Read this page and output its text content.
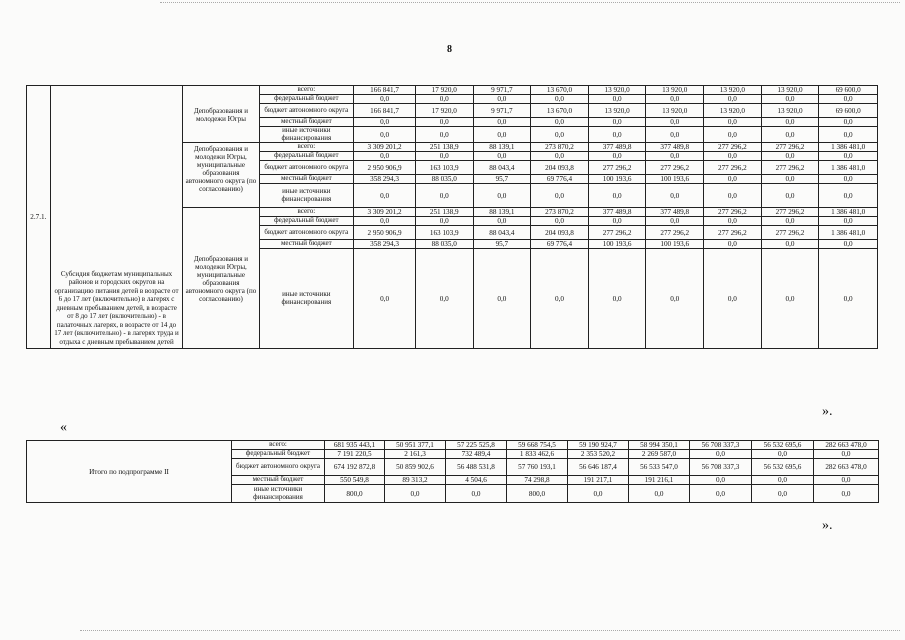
8
2.7.1.	Субсидия бюджетам муниципальных районов и городских округов на организацию питания детей в возрасте от 6 до 17 лет (включительно) в лагерях с дневным пребыванием детей, в возрасте от 8 до 17 лет (включительно) - в палаточных лагерях, в возрасте от 14 до 17 лет (включительно) - в лагерях труда и отдыха с дневным пребыванием детей	Депобразования и молодежи Югры	всего:	166 841,7	17 920,0	9 971,7	13 670,0	13 920,0	13 920,0	13 920,0	13 920,0	69 600,0
			федеральный бюджет	0,0	0,0	0,0	0,0	0,0	0,0	0,0	0,0	0,0
			бюджет автономного округа	166 841,7	17 920,0	9 971,7	13 670,0	13 920,0	13 920,0	13 920,0	13 920,0	69 600,0
			местный бюджет	0,0	0,0	0,0	0,0	0,0	0,0	0,0	0,0	0,0
			иные источники финансирования	0,0	0,0	0,0	0,0	0,0	0,0	0,0	0,0	0,0
		Депобразования и молодежи Югры, муниципальные образования автономного округа (по согласованию)	всего:	3 309 201,2	251 138,9	88 139,1	273 870,2	377 489,8	377 489,8	277 296,2	277 296,2	1 386 481,0
			федеральный бюджет	0,0	0,0	0,0	0,0	0,0	0,0	0,0	0,0	0,0
			бюджет автономного округа	2 950 906,9	163 103,9	88 043,4	204 093,8	277 296,2	277 296,2	277 296,2	277 296,2	1 386 481,0
			местный бюджет	358 294,3	88 035,0	95,7	69 776,4	100 193,6	100 193,6	0,0	0,0	0,0
			иные источники финансирования	0,0	0,0	0,0	0,0	0,0	0,0	0,0	0,0	0,0
		Депобразования и молодежи Югры, муниципальные образования автономного округа (по согласованию)	всего:	3 309 201,2	251 138,9	88 139,1	273 870,2	377 489,8	377 489,8	277 296,2	277 296,2	1 386 481,0
			федеральный бюджет	0,0	0,0	0,0	0,0	0,0	0,0	0,0	0,0	0,0
			бюджет автономного округа	2 950 906,9	163 103,9	88 043,4	204 093,8	277 296,2	277 296,2	277 296,2	277 296,2	1 386 481,0
			местный бюджет	358 294,3	88 035,0	95,7	69 776,4	100 193,6	100 193,6	0,0	0,0	0,0
			иные источники финансирования	0,0	0,0	0,0	0,0	0,0	0,0	0,0	0,0	0,0
».
«
Итого по подпрограмме II	всего:	681 935 443,1	50 951 377,1	57 225 525,8	59 668 754,5	59 190 924,7	58 994 350,1	56 708 337,3	56 532 695,6	282 663 478,0
	федеральный бюджет	7 191 220,5	2 161,3	732 489,4	1 833 462,6	2 353 520,2	2 269 587,0	0,0	0,0	0,0
	бюджет автономного округа	674 192 872,8	50 859 902,6	56 488 531,8	57 760 193,1	56 646 187,4	56 533 547,0	56 708 337,3	56 532 695,6	282 663 478,0
	местный бюджет	550 549,8	89 313,2	4 504,6	74 298,8	191 217,1	191 216,1	0,0	0,0	0,0
	иные источники финансирования	800,0	0,0	0,0	800,0	0,0	0,0	0,0	0,0	0,0
».
